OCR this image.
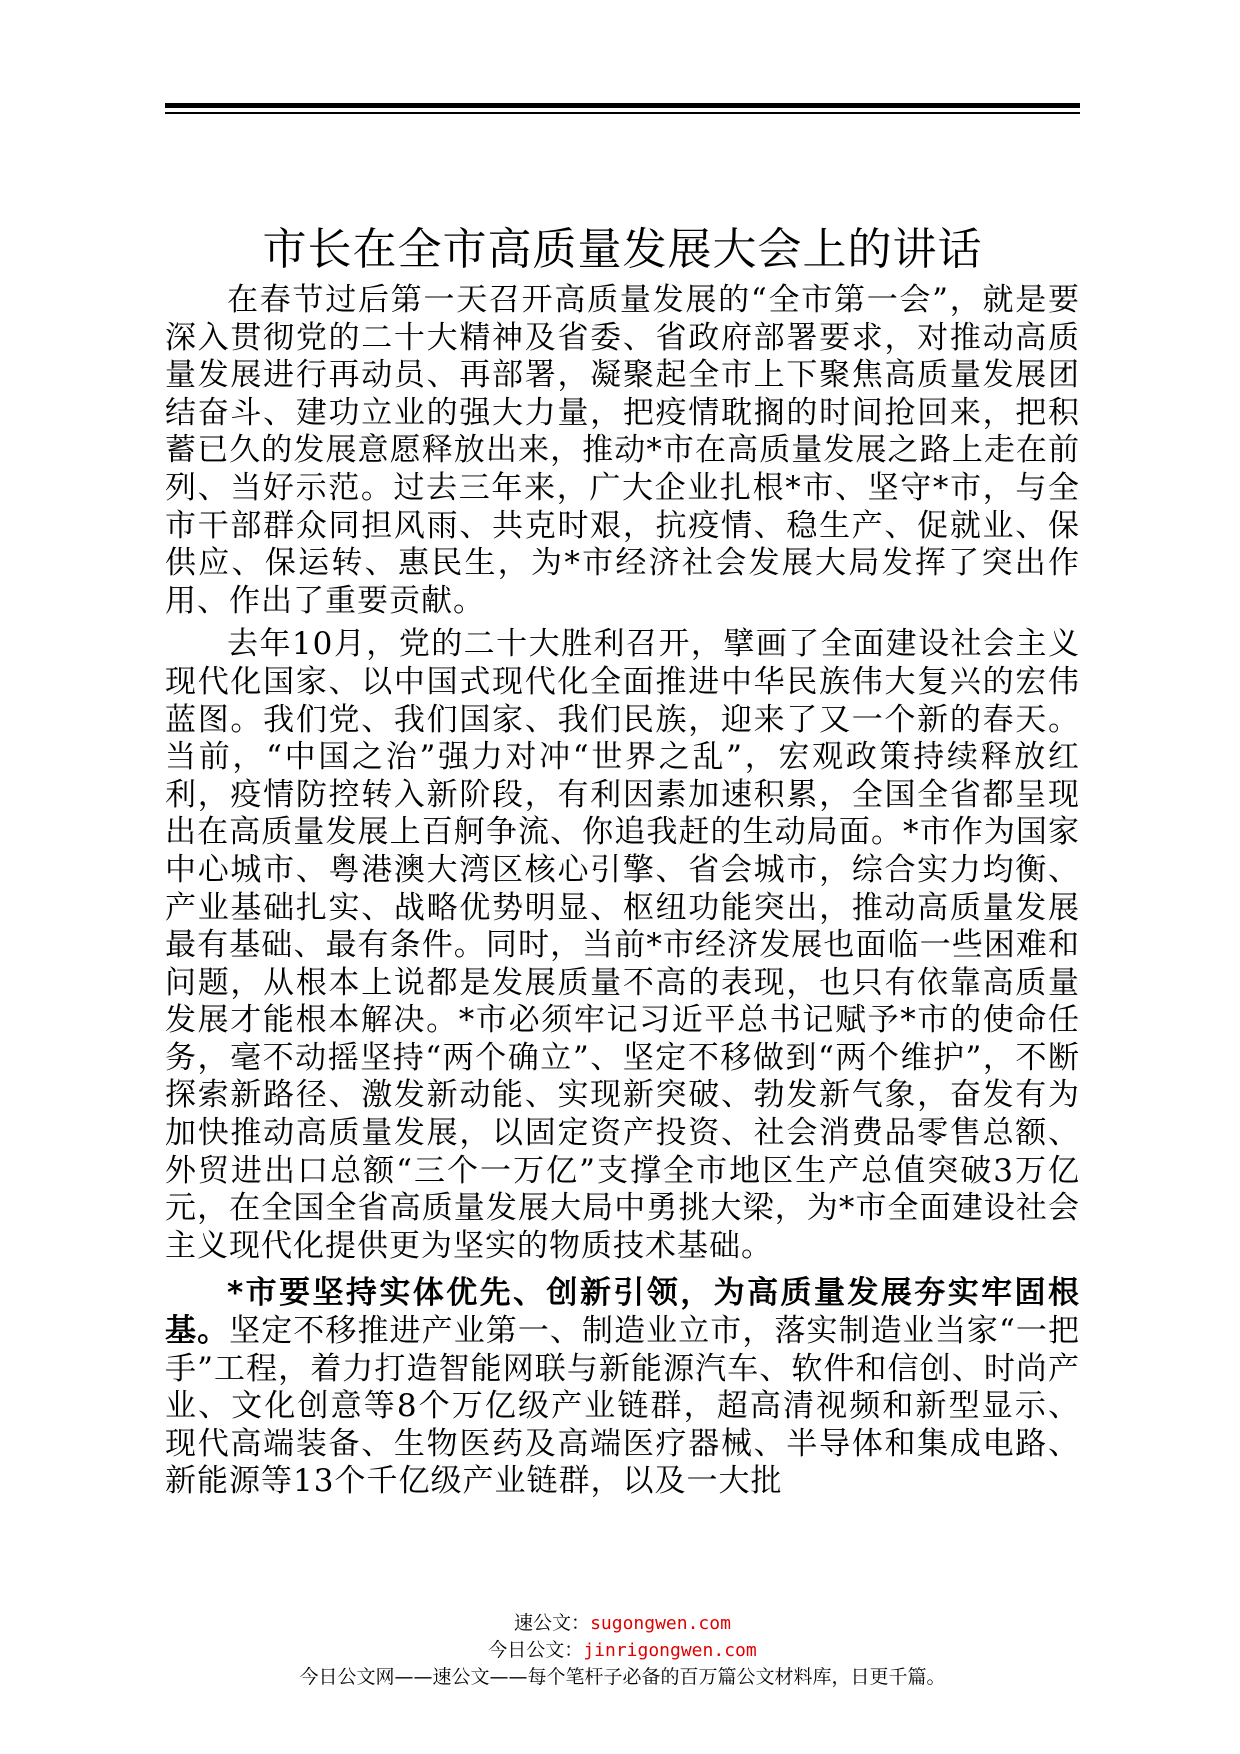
市长在全市高质量发展大会上的讲话

在春节过后第一天召开高质量发展的“全市第一会”，就是要深入贯彻党的二十大精神及省委、省政府部署要求，对推动高质量发展进行再动员、再部署，凝聚起全市上下聚焦高质量发展团结奋斗、建功立业的强大力量，把疫情耽搁的时间抢回来，把积蓄已久的发展意愿释放出来，推动*市在高质量发展之路上走在前列、当好示范。过去三年来，广大企业扎根*市、坚守*市，与全市干部群众同担风雨、共克时艰，抗疫情、稳生产、促就业、保供应、保运转、惠民生，为*市经济社会发展大局发挥了突出作用、作出了重要贡献。

去年10月，党的二十大胜利召开，擘画了全面建设社会主义现代化国家、以中国式现代化全面推进中华民族伟大复兴的宏伟蓝图。我们党、我们国家、我们民族，迎来了又一个新的春天。当前，“中国之治”强力对冲“世界之乱”，宏观政策持续释放红利，疫情防控转入新阶段，有利因素加速积累，全国全省都呈现出在高质量发展上百舸争流、你追我赶的生动局面。*市作为国家中心城市、粤港澳大湾区核心引擎、省会城市，综合实力均衡、产业基础扎实、战略优势明显、枢纽功能突出，推动高质量发展最有基础、最有条件。同时，当前*市经济发展也面临一些困难和问题，从根本上说都是发展质量不高的表现，也只有依靠高质量发展才能根本解决。*市必须牢记习近平总书记赋予*市的使命任务，毫不动摇坚持“两个确立”、坚定不移做到“两个维护”，不断探索新路径、激发新动能、实现新突破、勃发新气象，奋发有为加快推动高质量发展，以固定资产投资、社会消费品零售总额、外贸进出口总额“三个一万亿”支撑全市地区生产总值突破3万亿元，在全国全省高质量发展大局中勇挑大梁，为*市全面建设社会主义现代化提供更为坚实的物质技术基础。

*市要坚持实体优先、创新引领，为高质量发展夯实牢固根基。坚定不移推进产业第一、制造业立市，落实制造业当家“一把手”工程，着力打造智能网联与新能源汽车、软件和信创、时尚产业、文化创意等8个万亿级产业链群，超高清视频和新型显示、现代高端装备、生物医药及高端医疗器械、半导体和集成电路、新能源等13个千亿级产业链群，以及一大批

速公文：sugongwen.com
今日公文：jinrigongwen.com
今日公文网——速公文——每个笔杆子必备的百万篇公文材料库，日更千篇。
